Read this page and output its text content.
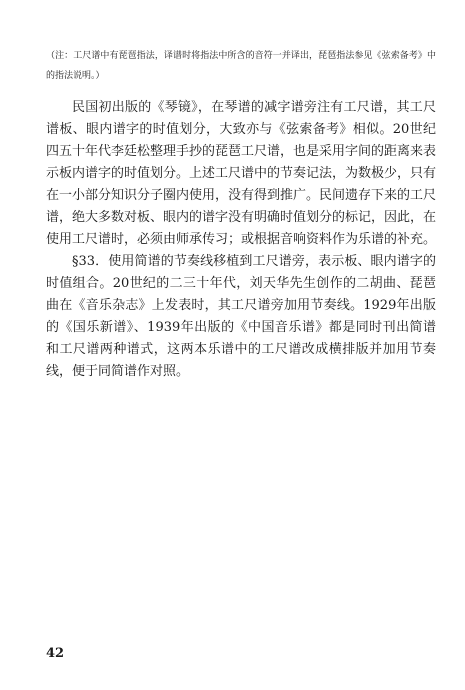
（注：工尺谱中有琵琶指法，译谱时将指法中所含的音符一并译出，琵琶指法参见《弦索备考》中的指法说明。）

民国初出版的《琴镜》，在琴谱的减字谱旁注有工尺谱，其工尺谱板、眼内谱字的时值划分，大致亦与《弦索备考》相似。20世纪四五十年代李廷松整理手抄的琵琶工尺谱，也是采用字间的距离来表示板内谱字的时值划分。上述工尺谱中的节奏记法，为数极少，只有在一小部分知识分子圈内使用，没有得到推广。民间遗存下来的工尺谱，绝大多数对板、眼内的谱字没有明确时值划分的标记，因此，在使用工尺谱时，必须由师承传习；或根据音响资料作为乐谱的补充。

§33．使用简谱的节奏线移植到工尺谱旁，表示板、眼内谱字的时值组合。20世纪的二三十年代，刘天华先生创作的二胡曲、琵琶曲在《音乐杂志》上发表时，其工尺谱旁加用节奏线。1929年出版的《国乐新谱》、1939年出版的《中国音乐谱》都是同时刊出简谱和工尺谱两种谱式，这两本乐谱中的工尺谱改成横排版并加用节奏线，便于同简谱作对照。

42
